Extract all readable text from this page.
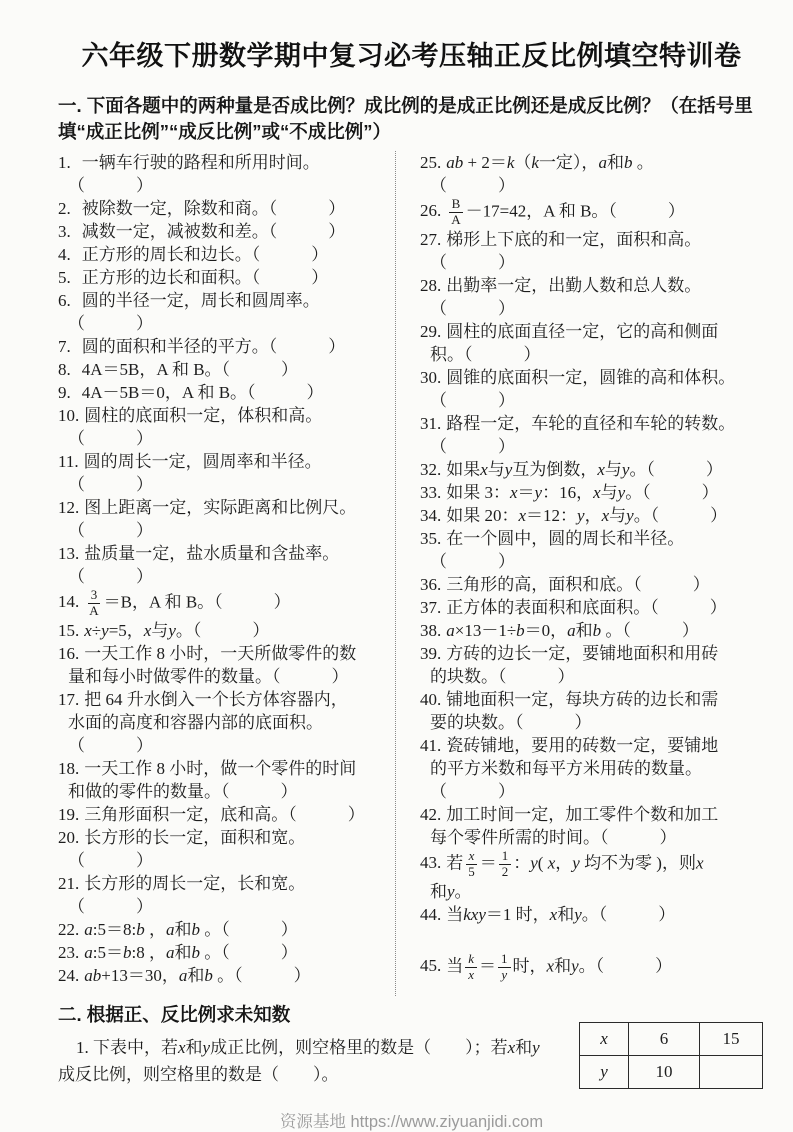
六年级下册数学期中复习必考压轴正反比例填空特训卷
一. 下面各题中的两种量是否成比例？成比例的是成正比例还是成反比例？（在括号里填“成正比例”“成反比例”或“不成比例”）
1. 一辆车行驶的路程和所用时间。
（　　　）
2. 被除数一定，除数和商。（　　　）
3. 减数一定，减被数和差。（　　　）
4. 正方形的周长和边长。（　　　）
5. 正方形的边长和面积。（　　　）
6. 圆的半径一定，周长和圆周率。
（　　　）
7. 圆的面积和半径的平方。（　　　）
8. 4A＝5B，A 和 B。（　　　）
9. 4A－5B＝0，A 和 B。（　　　）
10. 圆柱的底面积一定，体积和高。
（　　　）
11. 圆的周长一定，圆周率和半径。
（　　　）
12. 图上距离一定，实际距离和比例尺。
（　　　）
13. 盐质量一定，盐水质量和含盐率。
（　　　）
14. $\frac{3}{A} =B$，A 和 B。（　　　）
15. x÷y=5，x与y。（　　　）
16. 一天工作 8 小时，一天所做零件的数
量和每小时做零件的数量。（　　　）
17. 把 64 升水倒入一个长方体容器内，
水面的高度和容器内部的底面积。
（　　　）
18. 一天工作 8 小时，做一个零件的时间
和做的零件的数量。（　　　）
19. 三角形面积一定，底和高。（　　　）
20. 长方形的长一定，面积和宽。
（　　　）
21. 长方形的周长一定，长和宽。
（　　　）
22. a:5＝8:b ，a和b 。（　　　）
23. a:5＝b:8 ，a和b 。（　　　）
24. ab+13＝30，a和b 。（　　　）
25. ab + 2＝k（k一定），a和b 。
（　　　）
26. $\frac{B}{A} -17=42$，A 和 B。（　　　）
27. 梯形上下底的和一定，面积和高。
（　　　）
28. 出勤率一定，出勤人数和总人数。
（　　　）
29. 圆柱的底面直径一定，它的高和侧面
积。（　　　）
30. 圆锥的底面积一定，圆锥的高和体积。
（　　　）
31. 路程一定，车轮的直径和车轮的转数。
（　　　）
32. 如果x与y互为倒数，x与y。（　　　）
33. 如果 3：x＝y：16，x与y。（　　　）
34. 如果 20：x＝12：y，x与y。（　　　）
35. 在一个圆中，圆的周长和半径。
（　　　）
36. 三角形的高，面积和底。（　　　）
37. 正方体的表面积和底面积。（　　　）
38. a×13－1÷b＝0，a和b 。（　　　）
39. 方砖的边长一定，要铺地面积和用砖
的块数。（　　　）
40. 铺地面积一定，每块方砖的边长和需
要的块数。（　　　）
41. 瓷砖铺地，要用的砖数一定，要铺地
的平方米数和每平方米用砖的数量。
（　　　）
42. 加工时间一定，加工零件个数和加工
每个零件所需的时间。（　　　）
43. 若 $\frac{x}{5} = \frac{1}{2}$ ：y( x，y 均不为零 )，则x
和y。
44. 当kxy＝1 时，x和y。（　　　）
45. 当 $\frac{k}{x} = \frac{1}{y}$ 时，x和y。（　　　）
二. 根据正、反比例求未知数
1. 下表中，若x和y成正比例，则空格里的数是（　　）；若x和y
成反比例，则空格里的数是（　　）。
x	6	15
y	10	
资源基地 https://www.ziyuanjidi.com
